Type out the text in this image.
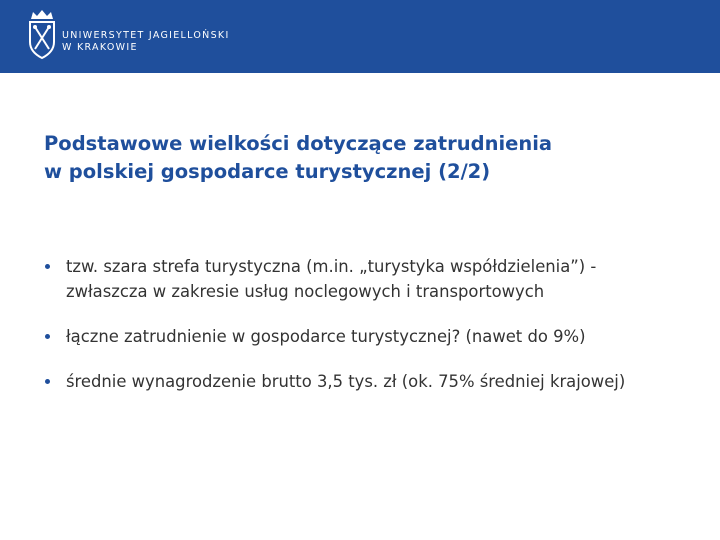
UNIWERSYTET JAGIELLOŃSKI
W KRAKOWIE
Podstawowe wielkości dotyczące zatrudnienia
w polskiej gospodarce turystycznej (2/2)
tzw. szara strefa turystyczna (m.in. „turystyka współdzielenia”) -
zwłaszcza w zakresie usług noclegowych i transportowych
łączne zatrudnienie w gospodarce turystycznej? (nawet do 9%)
średnie wynagrodzenie brutto 3,5 tys. zł (ok. 75% średniej krajowej)
